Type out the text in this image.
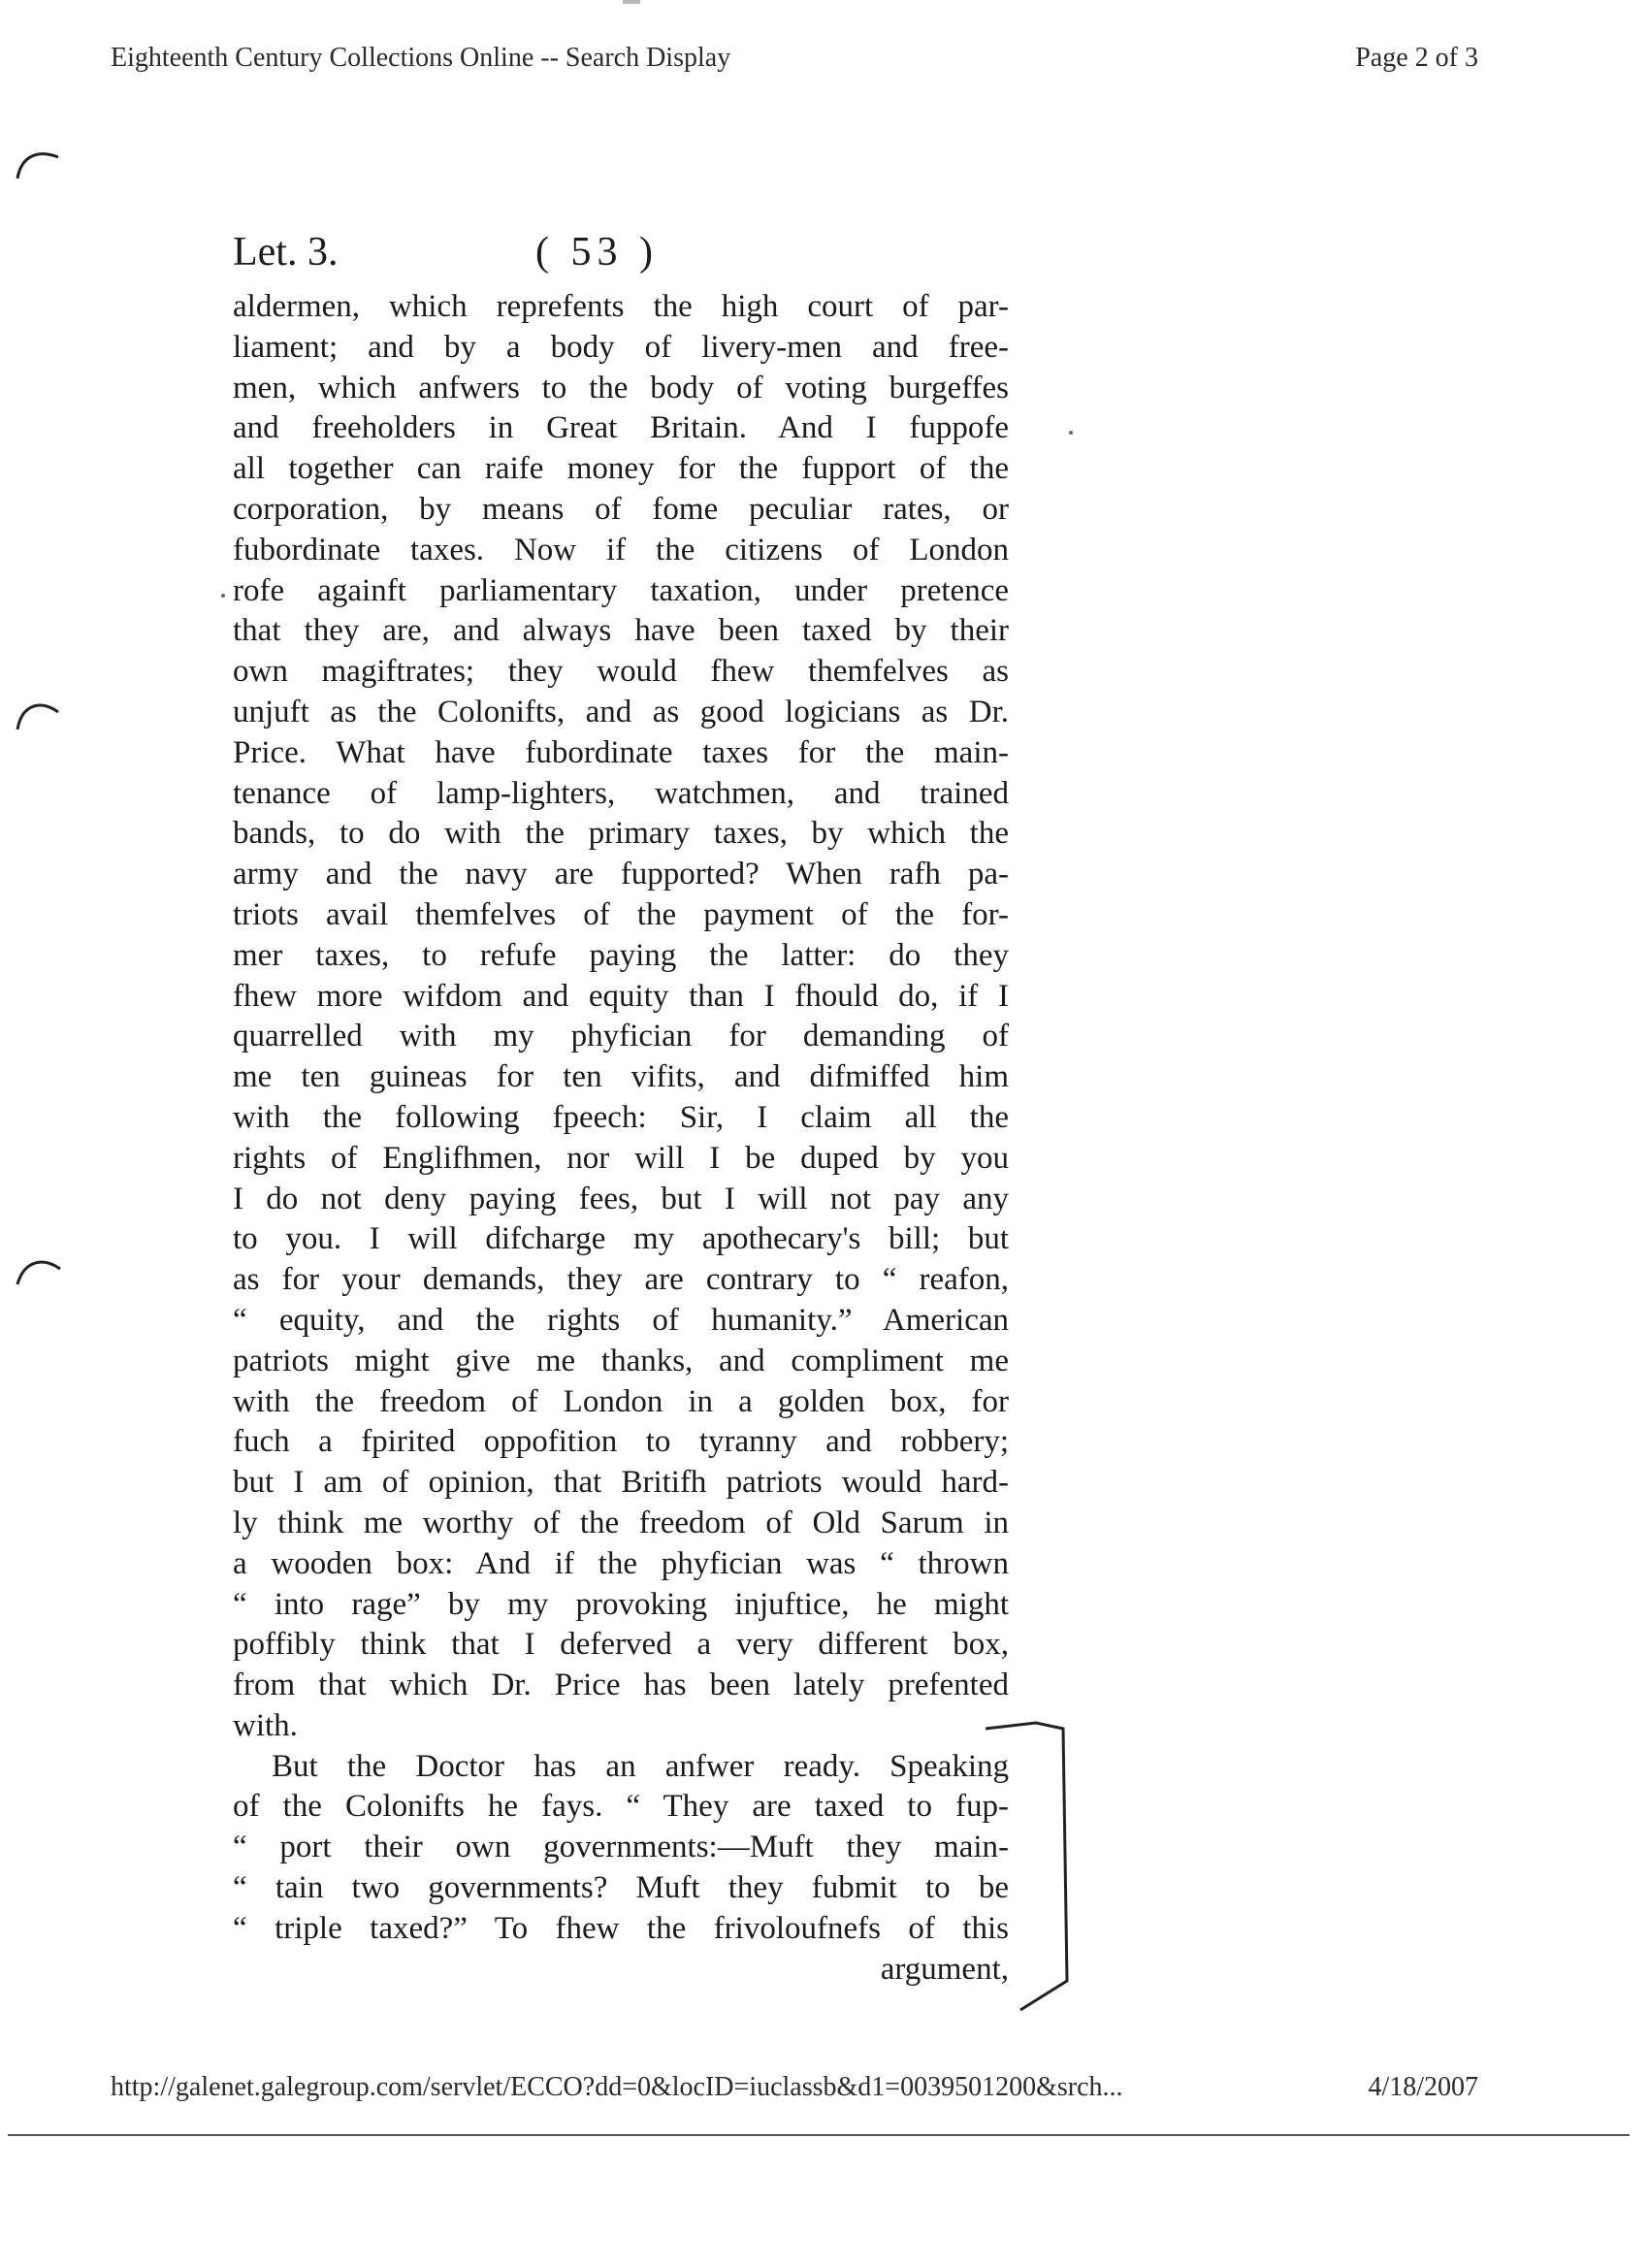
Eighteenth Century Collections Online -- Search Display	Page 2 of 3
Let. 3.	( 53 )
aldermen, which reprefents the high court of par-
liament; and by a body of livery-men and free-
men, which anfwers to the body of voting burgeffes
and freeholders in Great Britain. And I fuppofe
all together can raife money for the fupport of the
corporation, by means of fome peculiar rates, or
fubordinate taxes. Now if the citizens of London
rofe againft parliamentary taxation, under pretence
that they are, and always have been taxed by their
own magiftrates; they would fhew themfelves as
unjuft as the Colonifts, and as good logicians as Dr.
Price. What have fubordinate taxes for the main-
tenance of lamp-lighters, watchmen, and trained
bands, to do with the primary taxes, by which the
army and the navy are fupported? When rafh pa-
triots avail themfelves of the payment of the for-
mer taxes, to refufe paying the latter: do they
fhew more wifdom and equity than I fhould do, if I
quarrelled with my phyfician for demanding of
me ten guineas for ten vifits, and difmiffed him
with the following fpeech: Sir, I claim all the
rights of Englifhmen, nor will I be duped by you
I do not deny paying fees, but I will not pay any
to you. I will difcharge my apothecary's bill; but
as for your demands, they are contrary to “ reafon,
“ equity, and the rights of humanity.” American
patriots might give me thanks, and compliment me
with the freedom of London in a golden box, for
fuch a fpirited oppofition to tyranny and robbery;
but I am of opinion, that Britifh patriots would hard-
ly think me worthy of the freedom of Old Sarum in
a wooden box: And if the phyfician was “ thrown
“ into rage” by my provoking injuftice, he might
poffibly think that I deferved a very different box,
from that which Dr. Price has been lately prefented
with.
But the Doctor has an anfwer ready. Speaking
of the Colonifts he fays. “ They are taxed to fup-
“ port their own governments:—Muft they main-
“ tain two governments? Muft they fubmit to be
“ triple taxed?” To fhew the frivoloufnefs of this
argument,
http://galenet.galegroup.com/servlet/ECCO?dd=0&locID=iuclassb&d1=0039501200&srch...	4/18/2007
